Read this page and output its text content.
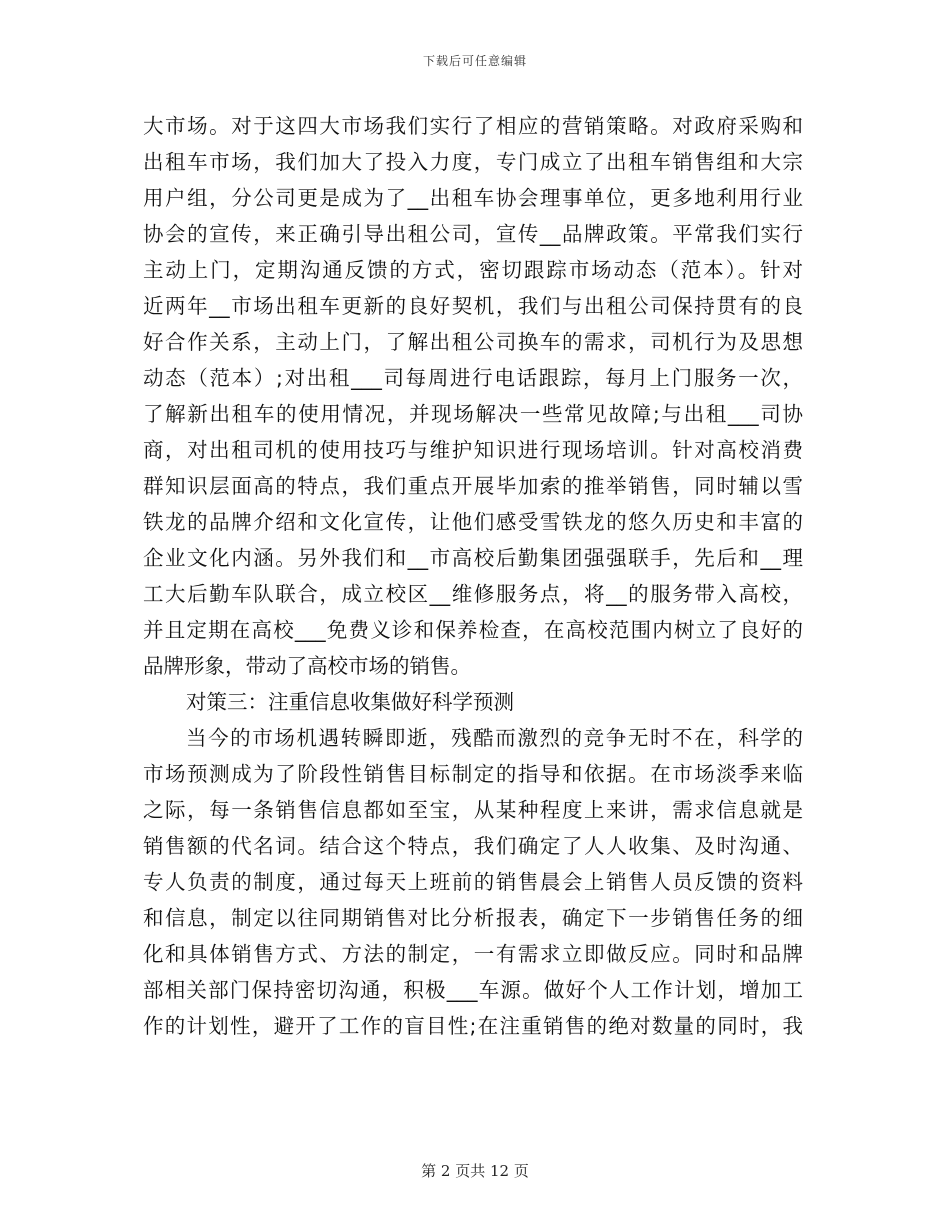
下载后可任意编辑
大市场。对于这四大市场我们实行了相应的营销策略。对政府采购和
出租车市场，我们加大了投入力度，专门成立了出租车销售组和大宗
用户组，分公司更是成为了__出租车协会理事单位，更多地利用行业
协会的宣传，来正确引导出租公司，宣传__品牌政策。平常我们实行
主动上门，定期沟通反馈的方式，密切跟踪市场动态（范本）。针对
近两年__市场出租车更新的良好契机，我们与出租公司保持贯有的良
好合作关系，主动上门，了解出租公司换车的需求，司机行为及思想
动态（范本）;对出租___司每周进行电话跟踪，每月上门服务一次，
了解新出租车的使用情况，并现场解决一些常见故障;与出租___司协
商，对出租司机的使用技巧与维护知识进行现场培训。针对高校消费
群知识层面高的特点，我们重点开展毕加索的推举销售，同时辅以雪
铁龙的品牌介绍和文化宣传，让他们感受雪铁龙的悠久历史和丰富的
企业文化内涵。另外我们和__市高校后勤集团强强联手，先后和__理
工大后勤车队联合，成立校区__维修服务点，将__的服务带入高校，
并且定期在高校___免费义诊和保养检查，在高校范围内树立了良好的
品牌形象，带动了高校市场的销售。
对策三：注重信息收集做好科学预测
当今的市场机遇转瞬即逝，残酷而激烈的竞争无时不在，科学的
市场预测成为了阶段性销售目标制定的指导和依据。在市场淡季来临
之际，每一条销售信息都如至宝，从某种程度上来讲，需求信息就是
销售额的代名词。结合这个特点，我们确定了人人收集、及时沟通、
专人负责的制度，通过每天上班前的销售晨会上销售人员反馈的资料
和信息，制定以往同期销售对比分析报表，确定下一步销售任务的细
化和具体销售方式、方法的制定，一有需求立即做反应。同时和品牌
部相关部门保持密切沟通，积极___车源。做好个人工作计划，增加工
作的计划性，避开了工作的盲目性;在注重销售的绝对数量的同时，我
第 2 页共 12 页
